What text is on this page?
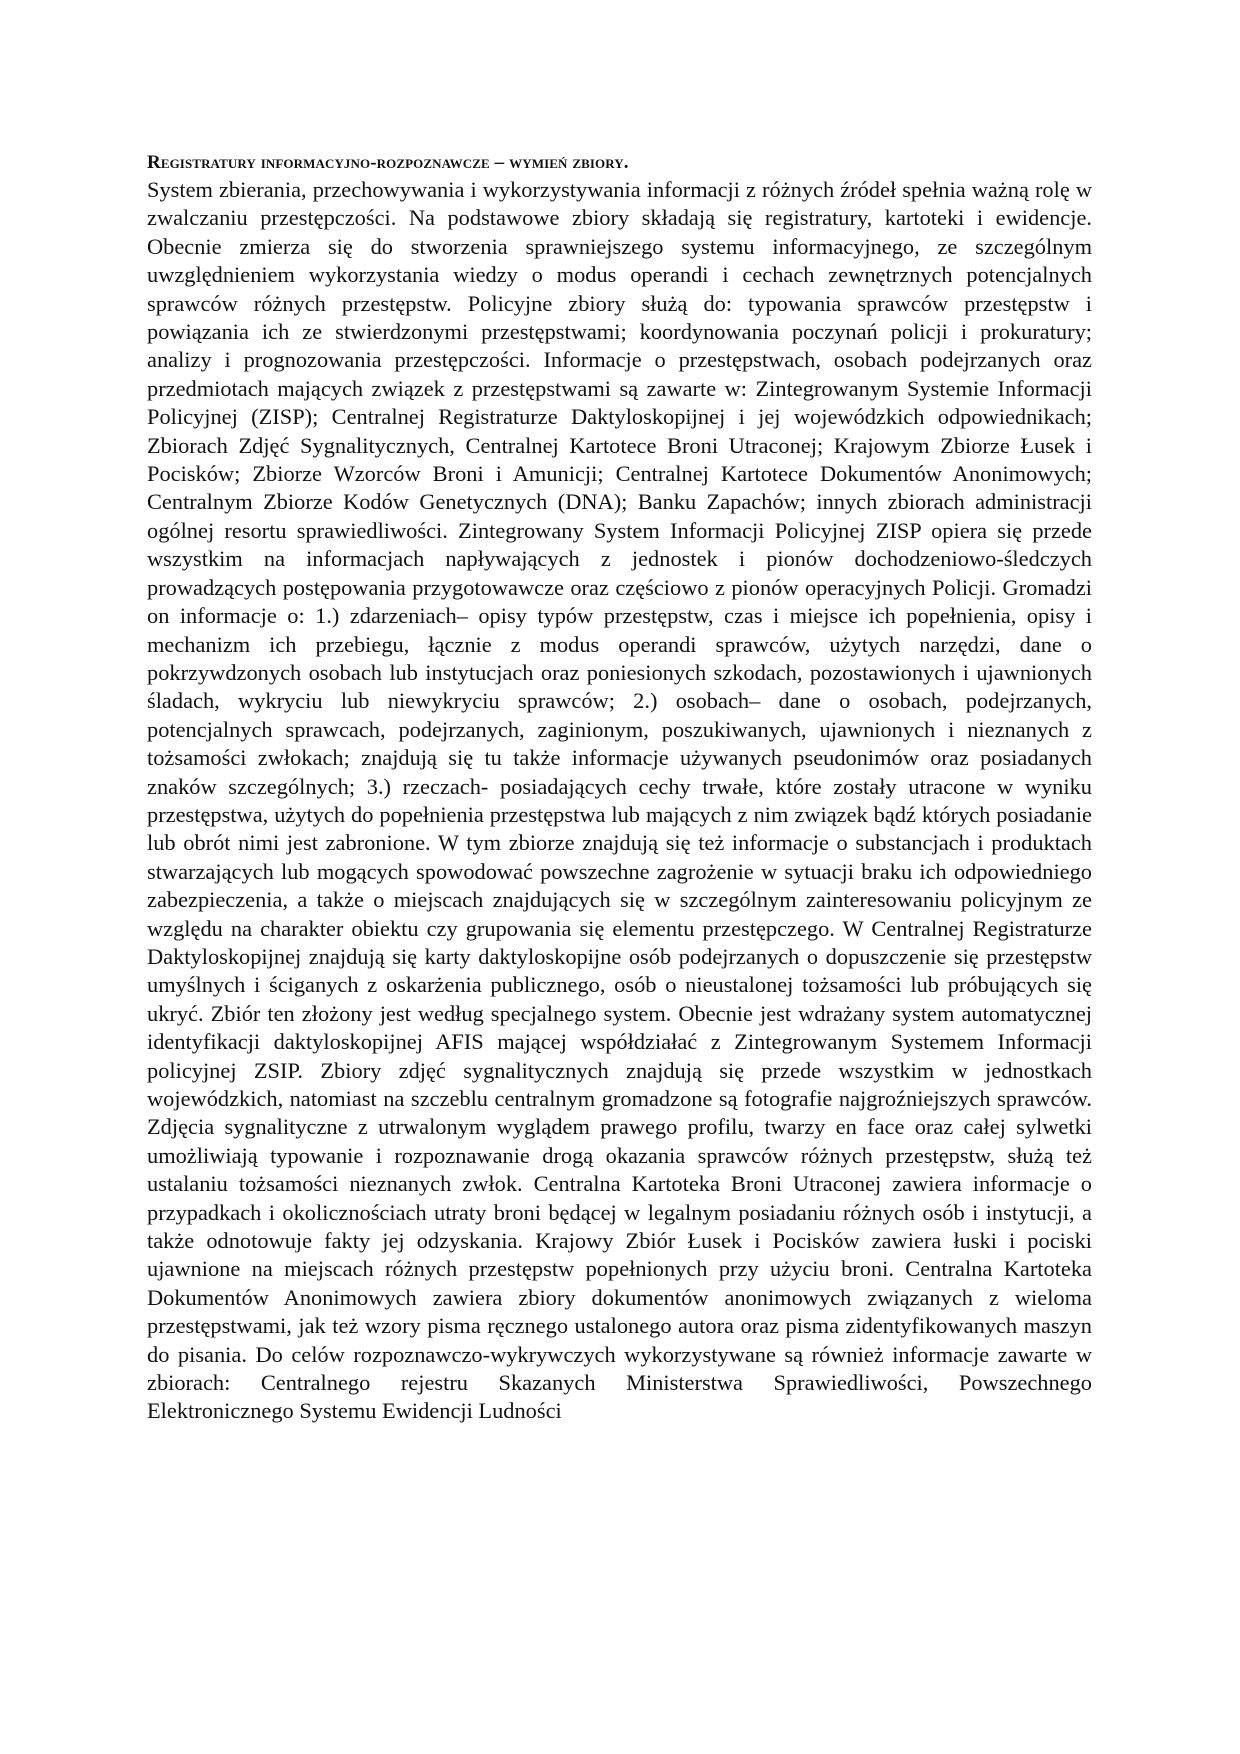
Registratury informacyjno-rozpoznawcze – wymień zbiory.

System zbierania, przechowywania i wykorzystywania informacji z różnych źródeł spełnia ważną rolę w zwalczaniu przestępczości. Na podstawowe zbiory składają się registratury, kartoteki i ewidencje. Obecnie zmierza się do stworzenia sprawniejszego systemu informacyjnego, ze szczególnym uwzględnieniem wykorzystania wiedzy o modus operandi i cechach zewnętrznych potencjalnych sprawców różnych przestępstw. Policyjne zbiory służą do: typowania sprawców przestępstw i powiązania ich ze stwierdzonymi przestępstwami; koordynowania poczynań policji i prokuratury; analizy i prognozowania przestępczości. Informacje o przestępstwach, osobach podejrzanych oraz przedmiotach mających związek z przestępstwami są zawarte w: Zintegrowanym Systemie Informacji Policyjnej (ZISP); Centralnej Registraturze Daktyloskopijnej i jej wojewódzkich odpowiednikach; Zbiorach Zdjęć Sygnalitycznych, Centralnej Kartotece Broni Utraconej; Krajowym Zbiorze Łusek i Pocisków; Zbiorze Wzorców Broni i Amunicji; Centralnej Kartotece Dokumentów Anonimowych; Centralnym Zbiorze Kodów Genetycznych (DNA); Banku Zapachów; innych zbiorach administracji ogólnej resortu sprawiedliwości. Zintegrowany System Informacji Policyjnej ZISP opiera się przede wszystkim na informacjach napływających z jednostek i pionów dochodzeniowo-śledczych prowadzących postępowania przygotowawcze oraz częściowo z pionów operacyjnych Policji. Gromadzi on informacje o: 1.) zdarzeniach– opisy typów przestępstw, czas i miejsce ich popełnienia, opisy i mechanizm ich przebiegu, łącznie z modus operandi sprawców, użytych narzędzi, dane o pokrzywdzonych osobach lub instytucjach oraz poniesionych szkodach, pozostawionych i ujawnionych śladach, wykryciu lub niewykryciu sprawców; 2.) osobach– dane o osobach, podejrzanych, potencjalnych sprawcach, podejrzanych, zaginionym, poszukiwanych, ujawnionych i nieznanych z tożsamości zwłokach; znajdują się tu także informacje używanych pseudonimów oraz posiadanych znaków szczególnych; 3.) rzeczach- posiadających cechy trwałe, które zostały utracone w wyniku przestępstwa, użytych do popełnienia przestępstwa lub mających z nim związek bądź których posiadanie lub obrót nimi jest zabronione. W tym zbiorze znajdują się też informacje o substancjach i produktach stwarzających lub mogących spowodować powszechne zagrożenie w sytuacji braku ich odpowiedniego zabezpieczenia, a także o miejscach znajdujących się w szczególnym zainteresowaniu policyjnym ze względu na charakter obiektu czy grupowania się elementu przestępczego. W Centralnej Registraturze Daktyloskopijnej znajdują się karty daktyloskopijne osób podejrzanych o dopuszczenie się przestępstw umyślnych i ściganych z oskarżenia publicznego, osób o nieustalonej tożsamości lub próbujących się ukryć. Zbiór ten złożony jest według specjalnego system. Obecnie jest wdrażany system automatycznej identyfikacji daktyloskopijnej AFIS mającej współdziałać z Zintegrowanym Systemem Informacji policyjnej ZSIP. Zbiory zdjęć sygnalitycznych znajdują się przede wszystkim w jednostkach wojewódzkich, natomiast na szczeblu centralnym gromadzone są fotografie najgroźniejszych sprawców. Zdjęcia sygnalityczne z utrwalonym wyglądem prawego profilu, twarzy en face oraz całej sylwetki umożliwiają typowanie i rozpoznawanie drogą okazania sprawców różnych przestępstw, służą też ustalaniu tożsamości nieznanych zwłok. Centralna Kartoteka Broni Utraconej zawiera informacje o przypadkach i okolicznościach utraty broni będącej w legalnym posiadaniu różnych osób i instytucji, a także odnotowuje fakty jej odzyskania. Krajowy Zbiór Łusek i Pocisków zawiera łuski i pociski ujawnione na miejscach różnych przestępstw popełnionych przy użyciu broni. Centralna Kartoteka Dokumentów Anonimowych zawiera zbiory dokumentów anonimowych związanych z wieloma przestępstwami, jak też wzory pisma ręcznego ustalonego autora oraz pisma zidentyfikowanych maszyn do pisania. Do celów rozpoznawczo-wykrywczych wykorzystywane są również informacje zawarte w zbiorach: Centralnego rejestru Skazanych Ministerstwa Sprawiedliwości, Powszechnego Elektronicznego Systemu Ewidencji Ludności
